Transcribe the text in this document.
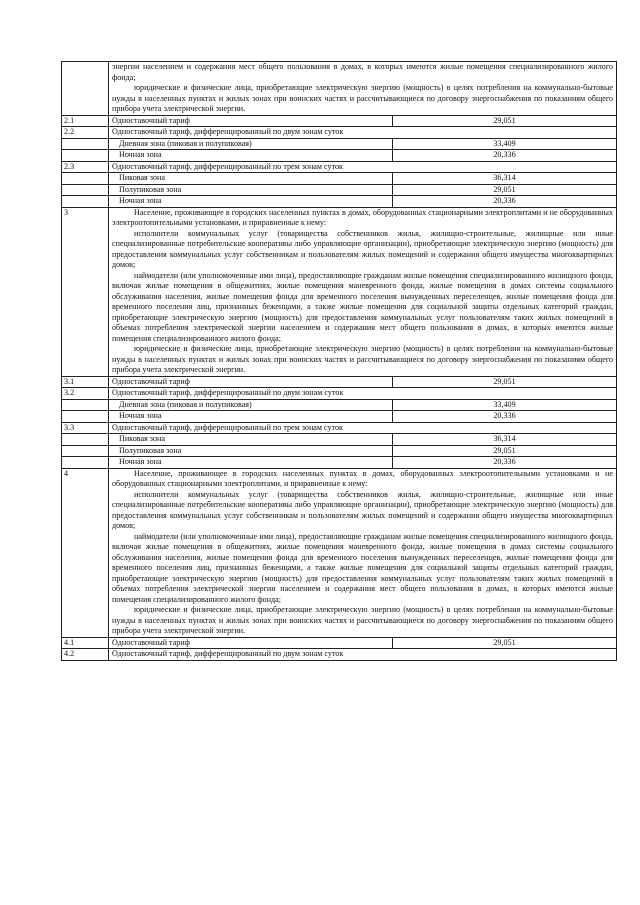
	энергии населением и содержания мест общего пользования в домах, в которых имеются жилые помещения специализированного жилого фонда;

юридические и физические лица, приобретающие электрическую энергию (мощность) в целях потребления на коммунально-бытовые нужды в населенных пунктах и жилых зонах при воинских частях и рассчитывающиеся по договору энергоснабжения по показаниям общего прибора учета электрической энергии.	

2.1	Одноставочный тариф	29,051
2.2	Одноставочный тариф, дифференцированный по двум зонам суток	
	Дневная зона (пиковая и полупиковая)	33,409
	Ночная зона	20,336
2.3	Одноставочный тариф, дифференцированный по трем зонам суток	
	Пиковая зона	36,314
	Полупиковая зона	29,051
	Ночная зона	20,336
3	Население, проживающее в городских населенных пунктах в домах, оборудованных стационарными электроплитами и не оборудованных электроотопительными установками, и приравненные к нему:

исполнители коммунальных услуг (товарищества собственников жилья, жилищно-строительные, жилищные или иные специализированные потребительские кооперативы либо управляющие организации), приобретающие электрическую энергию (мощность) для предоставления коммунальных услуг собственникам и пользователям жилых помещений и содержания общего имущества многоквартирных домов;

наймодатели (или уполномоченные ими лица), предоставляющие гражданам жилые помещения специализированного жилищного фонда, включая жилые помещения в общежитиях, жилые помещения маневренного фонда, жилые помещения в домах системы социального обслуживания населения, жилые помещения фонда для временного поселения вынужденных переселенцев, жилые помещения фонда для временного поселения лиц, признанных беженцами, а также жилые помещения для социальной защиты отдельных категорий граждан, приобретающие электрическую энергию (мощность) для предоставления коммунальных услуг пользователям таких жилых помещений в объемах потребления электрической энергии населением и содержания мест общего пользования в домах, в которых имеются жилые помещения специализированного жилого фонда;

юридические и физические лица, приобретающие электрическую энергию (мощность) в целях потребления на коммунально-бытовые нужды в населенных пунктах и жилых зонах при воинских частях и рассчитывающиеся по договору энергоснабжения по показаниям общего прибора учета электрической энергии.	

3.1	Одноставочный тариф	29,051
3.2	Одноставочный тариф, дифференцированный по двум зонам суток	
	Дневная зона (пиковая и полупиковая)	33,409
	Ночная зона	20,336
3.3	Одноставочный тариф, дифференцированный по трем зонам суток	
	Пиковая зона	36,314
	Полупиковая зона	29,051
	Ночная зона	20,336
4	Население, проживающее в городских населенных пунктах в домах, оборудованных электроотопительными установками и не оборудованных стационарными электроплитами, и приравненные к нему:

исполнители коммунальных услуг (товарищества собственников жилья, жилищно-строительные, жилищные или иные специализированные потребительские кооперативы либо управляющие организации), приобретающие электрическую энергию (мощность) для предоставления коммунальных услуг собственникам и пользователям жилых помещений и содержания общего имущества многоквартирных домов;

наймодатели (или уполномоченные ими лица), предоставляющие гражданам жилые помещения специализированного жилищного фонда, включая жилые помещения в общежитиях, жилые помещения маневренного фонда, жилые помещения в домах системы социального обслуживания населения, жилые помещения фонда для временного поселения вынужденных переселенцев, жилые помещения фонда для временного поселения лиц, признанных беженцами, а также жилые помещения для социальной защиты отдельных категорий граждан, приобретающие электрическую энергию (мощность) для предоставления коммунальных услуг пользователям таких жилых помещений в объемах потребления электрической энергии населением и содержания мест общего пользования в домах, в которых имеются жилые помещения специализированного жилого фонда;

юридические и физические лица, приобретающие электрическую энергию (мощность) в целях потребления на коммунально-бытовые нужды в населенных пунктах и жилых зонах при воинских частях и рассчитывающиеся по договору энергоснабжения по показаниям общего прибора учета электрической энергии.	

4.1	Одноставочный тариф	29,051
4.2	Одноставочный тариф, дифференцированный по двум зонам суток	
